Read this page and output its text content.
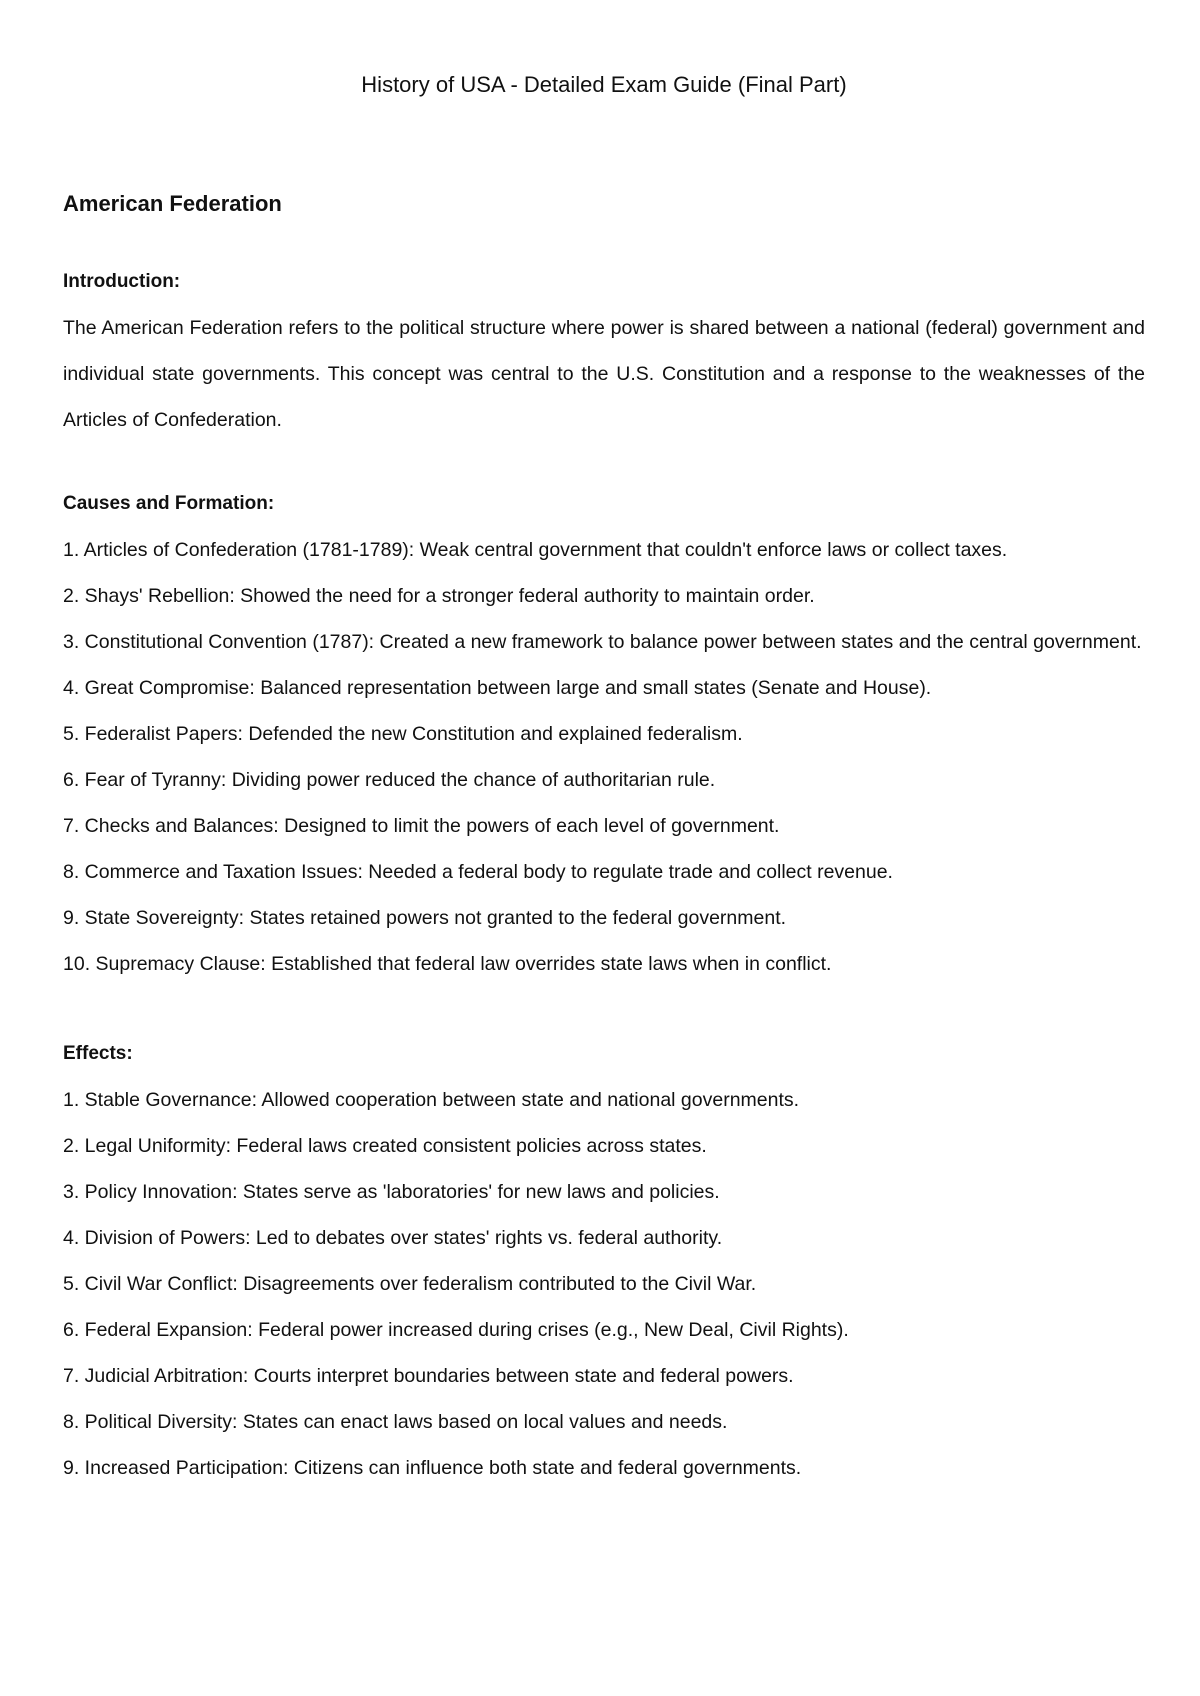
History of USA - Detailed Exam Guide (Final Part)
American Federation
Introduction:

The American Federation refers to the political structure where power is shared between a national (federal) government and individual state governments. This concept was central to the U.S. Constitution and a response to the weaknesses of the Articles of Confederation.

Causes and Formation:
1. Articles of Confederation (1781-1789): Weak central government that couldn't enforce laws or collect taxes.
2. Shays' Rebellion: Showed the need for a stronger federal authority to maintain order.
3. Constitutional Convention (1787): Created a new framework to balance power between states and the central government.
4. Great Compromise: Balanced representation between large and small states (Senate and House).
5. Federalist Papers: Defended the new Constitution and explained federalism.
6. Fear of Tyranny: Dividing power reduced the chance of authoritarian rule.
7. Checks and Balances: Designed to limit the powers of each level of government.
8. Commerce and Taxation Issues: Needed a federal body to regulate trade and collect revenue.
9. State Sovereignty: States retained powers not granted to the federal government.
10. Supremacy Clause: Established that federal law overrides state laws when in conflict.
Effects:
1. Stable Governance: Allowed cooperation between state and national governments.
2. Legal Uniformity: Federal laws created consistent policies across states.
3. Policy Innovation: States serve as 'laboratories' for new laws and policies.
4. Division of Powers: Led to debates over states' rights vs. federal authority.
5. Civil War Conflict: Disagreements over federalism contributed to the Civil War.
6. Federal Expansion: Federal power increased during crises (e.g., New Deal, Civil Rights).
7. Judicial Arbitration: Courts interpret boundaries between state and federal powers.
8. Political Diversity: States can enact laws based on local values and needs.
9. Increased Participation: Citizens can influence both state and federal governments.
